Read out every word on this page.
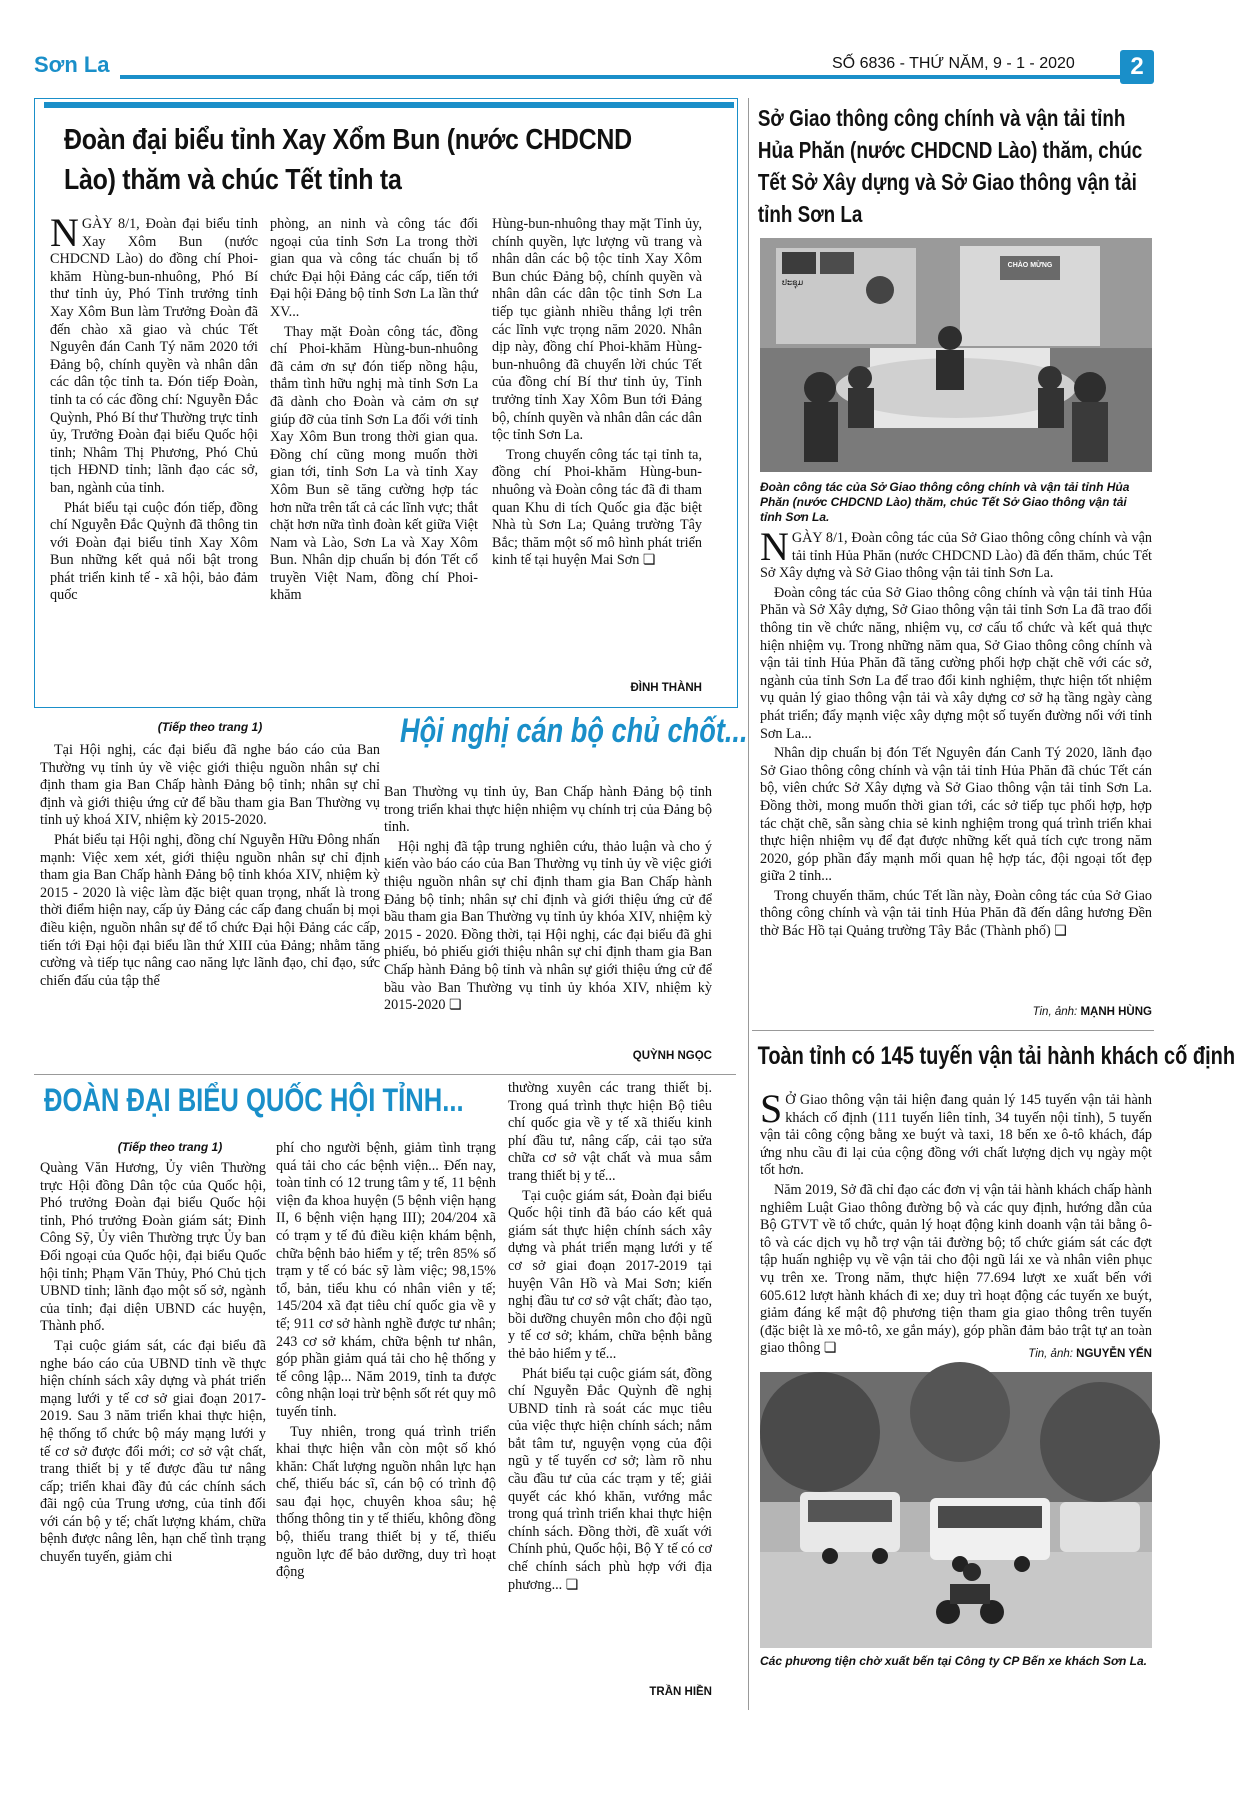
Sơn La	SỐ 6836 - THỨ NĂM, 9 - 1 - 2020	2
Đoàn đại biểu tỉnh Xay Xổm Bun (nước CHDCND Lào) thăm và chúc Tết tỉnh ta

NGÀY 8/1, Đoàn đại biểu tỉnh Xay Xôm Bun (nước CHDCND Lào) do đồng chí Phoi-khăm Hùng-bun-nhuông, Phó Bí thư tỉnh ủy, Phó Tỉnh trưởng tỉnh Xay Xôm Bun làm Trưởng Đoàn đã đến chào xã giao và chúc Tết Nguyên đán Canh Tý năm 2020 tới Đảng bộ, chính quyền và nhân dân các dân tộc tỉnh ta. Đón tiếp Đoàn, tỉnh ta có các đồng chí: Nguyễn Đắc Quỳnh, Phó Bí thư Thường trực tỉnh ủy, Trưởng Đoàn đại biểu Quốc hội tỉnh; Nhâm Thị Phương, Phó Chủ tịch HĐND tỉnh; lãnh đạo các sở, ban, ngành của tỉnh.

Phát biểu tại cuộc đón tiếp, đồng chí Nguyễn Đắc Quỳnh đã thông tin với Đoàn đại biểu tỉnh Xay Xôm Bun những kết quả nổi bật trong phát triển kinh tế - xã hội, bảo đảm quốc

phòng, an ninh và công tác đối ngoại của tỉnh Sơn La trong thời gian qua và công tác chuẩn bị tổ chức Đại hội Đảng các cấp, tiến tới Đại hội Đảng bộ tỉnh Sơn La lần thứ XV...

Thay mặt Đoàn công tác, đồng chí Phoi-khăm Hùng-bun-nhuông đã cảm ơn sự đón tiếp nồng hậu, thắm tình hữu nghị mà tỉnh Sơn La đã dành cho Đoàn và cảm ơn sự giúp đỡ của tỉnh Sơn La đối với tỉnh Xay Xôm Bun trong thời gian qua. Đồng chí cũng mong muốn thời gian tới, tỉnh Sơn La và tỉnh Xay Xôm Bun sẽ tăng cường hợp tác hơn nữa trên tất cả các lĩnh vực; thắt chặt hơn nữa tình đoàn kết giữa Việt Nam và Lào, Sơn La và Xay Xôm Bun. Nhân dịp chuẩn bị đón Tết cổ truyền Việt Nam, đồng chí Phoi-khăm

Hùng-bun-nhuông thay mặt Tỉnh ủy, chính quyền, lực lượng vũ trang và nhân dân các bộ tộc tỉnh Xay Xôm Bun chúc Đảng bộ, chính quyền và nhân dân các dân tộc tỉnh Sơn La tiếp tục giành nhiều thắng lợi trên các lĩnh vực trọng năm 2020. Nhân dịp này, đồng chí Phoi-khăm Hùng-bun-nhuông đã chuyển lời chúc Tết của đồng chí Bí thư tỉnh ủy, Tỉnh trưởng tỉnh Xay Xôm Bun tới Đảng bộ, chính quyền và nhân dân các dân tộc tỉnh Sơn La.

Trong chuyến công tác tại tỉnh ta, đồng chí Phoi-khăm Hùng-bun-nhuông và Đoàn công tác đã đi tham quan Khu di tích Quốc gia đặc biệt Nhà tù Sơn La; Quảng trường Tây Bắc; thăm một số mô hình phát triển kinh tế tại huyện Mai Sơn ❏

ĐÌNH THÀNH
(Tiếp theo trang 1)	Hội nghị cán bộ chủ chốt...

Tại Hội nghị, các đại biểu đã nghe báo cáo của Ban Thường vụ tỉnh ủy về việc giới thiệu nguồn nhân sự chỉ định tham gia Ban Chấp hành Đảng bộ tỉnh; nhân sự chỉ định và giới thiệu ứng cử để bầu tham gia Ban Thường vụ tỉnh uỷ khoá XIV, nhiệm kỳ 2015-2020.

Phát biểu tại Hội nghị, đồng chí Nguyễn Hữu Đông nhấn mạnh: Việc xem xét, giới thiệu nguồn nhân sự chỉ định tham gia Ban Chấp hành Đảng bộ tỉnh khóa XIV, nhiệm kỳ 2015 - 2020 là việc làm đặc biệt quan trọng, nhất là trong thời điểm hiện nay, cấp ủy Đảng các cấp đang chuẩn bị mọi điều kiện, nguồn nhân sự để tổ chức Đại hội Đảng các cấp, tiến tới Đại hội đại biểu lần thứ XIII của Đảng; nhằm tăng cường và tiếp tục nâng cao năng lực lãnh đạo, chỉ đạo, sức chiến đấu của tập thể

Ban Thường vụ tỉnh ủy, Ban Chấp hành Đảng bộ tỉnh trong triển khai thực hiện nhiệm vụ chính trị của Đảng bộ tỉnh.

Hội nghị đã tập trung nghiên cứu, thảo luận và cho ý kiến vào báo cáo của Ban Thường vụ tỉnh ủy về việc giới thiệu nguồn nhân sự chỉ định tham gia Ban Chấp hành Đảng bộ tỉnh; nhân sự chỉ định và giới thiệu ứng cử để bầu tham gia Ban Thường vụ tỉnh ủy khóa XIV, nhiệm kỳ 2015 - 2020. Đồng thời, tại Hội nghị, các đại biểu đã ghi phiếu, bỏ phiếu giới thiệu nhân sự chỉ định tham gia Ban Chấp hành Đảng bộ tỉnh và nhân sự giới thiệu ứng cử để bầu vào Ban Thường vụ tỉnh ủy khóa XIV, nhiệm kỳ 2015-2020 ❏

QUỲNH NGỌC
ĐOÀN ĐẠI BIỂU QUỐC HỘI TỈNH...
(Tiếp theo trang 1)

Quàng Văn Hương, Ủy viên Thường trực Hội đồng Dân tộc của Quốc hội, Phó trưởng Đoàn đại biểu Quốc hội tỉnh, Phó trưởng Đoàn giám sát; Đinh Công Sỹ, Ủy viên Thường trực Ủy ban Đối ngoại của Quốc hội, đại biểu Quốc hội tỉnh; Phạm Văn Thủy, Phó Chủ tịch UBND tỉnh; lãnh đạo một số sở, ngành của tỉnh; đại diện UBND các huyện, Thành phố.

Tại cuộc giám sát, các đại biểu đã nghe báo cáo của UBND tỉnh về thực hiện chính sách xây dựng và phát triển mạng lưới y tế cơ sở giai đoạn 2017-2019. Sau 3 năm triển khai thực hiện, hệ thống tổ chức bộ máy mạng lưới y tế cơ sở được đổi mới; cơ sở vật chất, trang thiết bị y tế được đầu tư nâng cấp; triển khai đầy đủ các chính sách đãi ngộ của Trung ương, của tỉnh đối với cán bộ y tế; chất lượng khám, chữa bệnh được nâng lên, hạn chế tình trạng chuyển tuyến, giảm chi

phí cho người bệnh, giảm tình trạng quá tải cho các bệnh viện... Đến nay, toàn tỉnh có 12 trung tâm y tế, 11 bệnh viện đa khoa huyện (5 bệnh viện hạng II, 6 bệnh viện hạng III); 204/204 xã có trạm y tế đủ điều kiện khám bệnh, chữa bệnh bảo hiểm y tế; trên 85% số trạm y tế có bác sỹ làm việc; 98,15% tổ, bản, tiểu khu có nhân viên y tế; 145/204 xã đạt tiêu chí quốc gia về y tế; 911 cơ sở hành nghề được tư nhân; 243 cơ sở khám, chữa bệnh tư nhân, góp phần giảm quá tải cho hệ thống y tế công lập... Năm 2019, tỉnh ta được công nhận loại trừ bệnh sốt rét quy mô tuyến tỉnh.

Tuy nhiên, trong quá trình triển khai thực hiện vẫn còn một số khó khăn: Chất lượng nguồn nhân lực hạn chế, thiếu bác sĩ, cán bộ có trình độ sau đại học, chuyên khoa sâu; hệ thống thông tin y tế thiếu, không đồng bộ, thiếu trang thiết bị y tế, thiếu nguồn lực để bảo dưỡng, duy trì hoạt động

thường xuyên các trang thiết bị. Trong quá trình thực hiện Bộ tiêu chí quốc gia về y tế xã thiếu kinh phí đầu tư, nâng cấp, cải tạo sửa chữa cơ sở vật chất và mua sắm trang thiết bị y tế...

Tại cuộc giám sát, Đoàn đại biểu Quốc hội tỉnh đã báo cáo kết quả giám sát thực hiện chính sách xây dựng và phát triển mạng lưới y tế cơ sở giai đoạn 2017-2019 tại huyện Vân Hồ và Mai Sơn; kiến nghị đầu tư cơ sở vật chất; đào tạo, bồi dưỡng chuyên môn cho đội ngũ y tế cơ sở; khám, chữa bệnh bằng thẻ bảo hiểm y tế...

Phát biểu tại cuộc giám sát, đồng chí Nguyễn Đắc Quỳnh đề nghị UBND tỉnh rà soát các mục tiêu của việc thực hiện chính sách; nắm bắt tâm tư, nguyện vọng của đội ngũ y tế tuyến cơ sở; làm rõ nhu cầu đầu tư của các trạm y tế; giải quyết các khó khăn, vướng mắc trong quá trình triển khai thực hiện chính sách. Đồng thời, đề xuất với Chính phủ, Quốc hội, Bộ Y tế có cơ chế chính sách phù hợp với địa phương... ❏

TRẦN HIỀN
Sở Giao thông công chính và vận tải tỉnh Hủa Phăn (nước CHDCND Lào) thăm, chúc Tết Sở Xây dựng và Sở Giao thông vận tải tỉnh Sơn La
ປະຊຸມ
CHÀO MỪNG
Đoàn công tác của Sở Giao thông công chính và vận tải tỉnh Hủa Phăn (nước CHDCND Lào) thăm, chúc Tết Sở Giao thông vận tải tỉnh Sơn La.

NGÀY 8/1, Đoàn công tác của Sở Giao thông công chính và vận tải tỉnh Hủa Phăn (nước CHDCND Lào) đã đến thăm, chúc Tết Sở Xây dựng và Sở Giao thông vận tải tỉnh Sơn La.

Đoàn công tác của Sở Giao thông công chính và vận tải tỉnh Hủa Phăn và Sở Xây dựng, Sở Giao thông vận tải tỉnh Sơn La đã trao đổi thông tin về chức năng, nhiệm vụ, cơ cấu tổ chức và kết quả thực hiện nhiệm vụ. Trong những năm qua, Sở Giao thông công chính và vận tải tỉnh Hủa Phăn đã tăng cường phối hợp chặt chẽ với các sở, ngành của tỉnh Sơn La để trao đổi kinh nghiệm, thực hiện tốt nhiệm vụ quản lý giao thông vận tải và xây dựng cơ sở hạ tầng ngày càng phát triển; đẩy mạnh việc xây dựng một số tuyến đường nối với tỉnh Sơn La...

Nhân dịp chuẩn bị đón Tết Nguyên đán Canh Tý 2020, lãnh đạo Sở Giao thông công chính và vận tải tỉnh Hủa Phăn đã chúc Tết cán bộ, viên chức Sở Xây dựng và Sở Giao thông vận tải tỉnh Sơn La. Đồng thời, mong muốn thời gian tới, các sở tiếp tục phối hợp, hợp tác chặt chẽ, sẵn sàng chia sẻ kinh nghiệm trong quá trình triển khai thực hiện nhiệm vụ để đạt được những kết quả tích cực trong năm 2020, góp phần đẩy mạnh mối quan hệ hợp tác, đội ngoại tốt đẹp giữa 2 tỉnh...

Trong chuyến thăm, chúc Tết lần này, Đoàn công tác của Sở Giao thông công chính và vận tải tỉnh Hủa Phăn đã đến dâng hương Đền thờ Bác Hồ tại Quảng trường Tây Bắc (Thành phố) ❏

Tin, ảnh: MẠNH HÙNG
Toàn tỉnh có 145 tuyến vận tải hành khách cố định

SỞ Giao thông vận tải hiện đang quản lý 145 tuyến vận tải hành khách cố định (111 tuyến liên tỉnh, 34 tuyến nội tỉnh), 5 tuyến vận tải công cộng bằng xe buýt và taxi, 18 bến xe ô-tô khách, đáp ứng nhu cầu đi lại của cộng đồng với chất lượng dịch vụ ngày một tốt hơn.

Năm 2019, Sở đã chỉ đạo các đơn vị vận tải hành khách chấp hành nghiêm Luật Giao thông đường bộ và các quy định, hướng dẫn của Bộ GTVT về tổ chức, quản lý hoạt động kinh doanh vận tải bằng ô-tô và các dịch vụ hỗ trợ vận tải đường bộ; tổ chức giám sát các đợt tập huấn nghiệp vụ về vận tải cho đội ngũ lái xe và nhân viên phục vụ trên xe. Trong năm, thực hiện 77.694 lượt xe xuất bến với 605.612 lượt hành khách đi xe; duy trì hoạt động các tuyến xe buýt, giảm đáng kể mật độ phương tiện tham gia giao thông trên tuyến (đặc biệt là xe mô-tô, xe gắn máy), góp phần đảm bảo trật tự an toàn giao thông ❏	Tin, ảnh: NGUYỄN YẾN
Các phương tiện chờ xuất bến tại Công ty CP Bến xe khách Sơn La.
